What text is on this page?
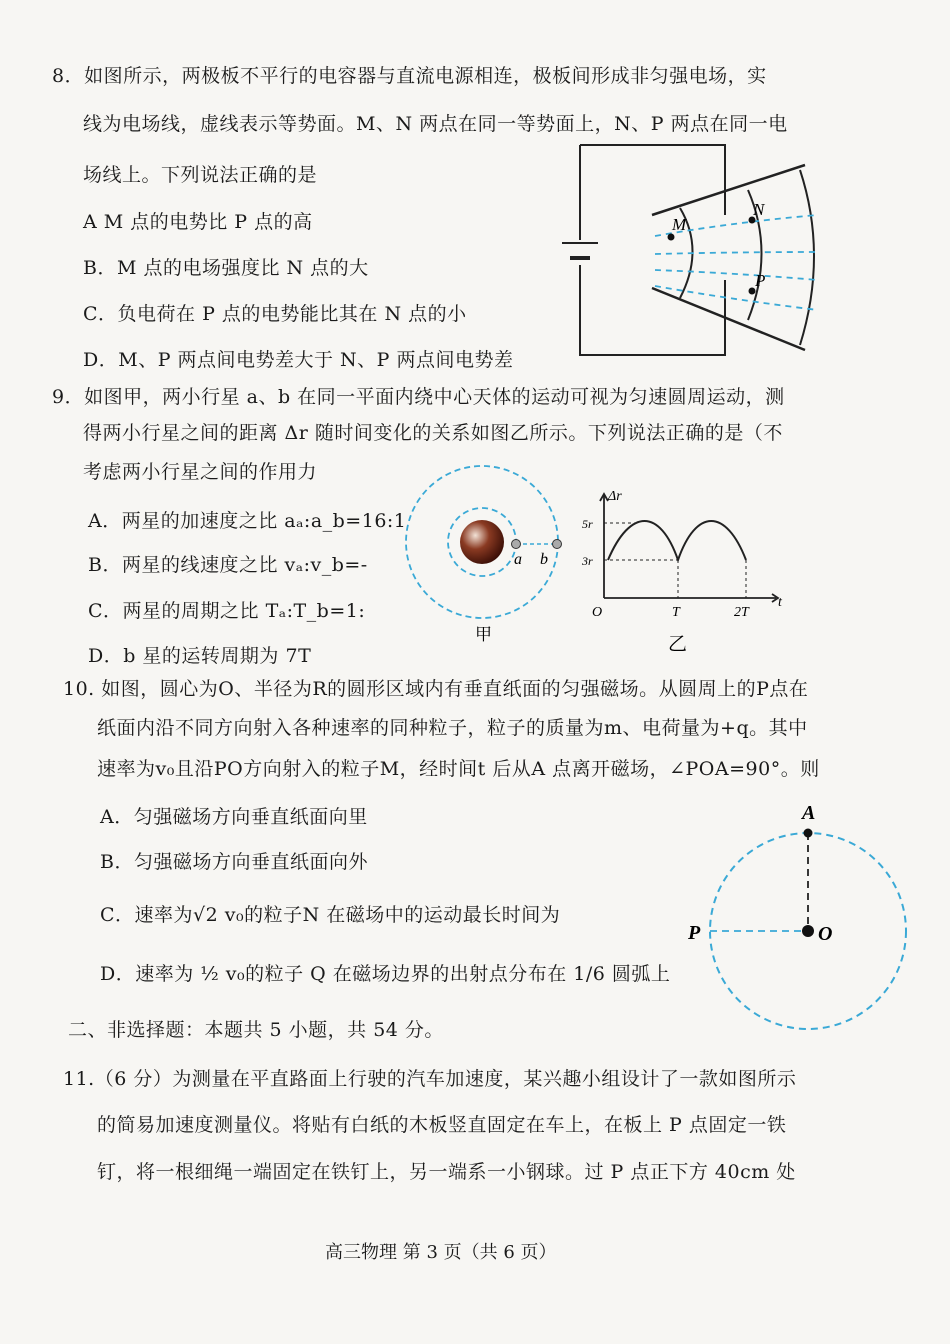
8．如图所示，两极板不平行的电容器与直流电源相连，极板间形成非匀强电场，实
线为电场线，虚线表示等势面。M、N 两点在同一等势面上，N、P 两点在同一电
场线上。下列说法正确的是
A M 点的电势比 P 点的高
B．M 点的电场强度比 N 点的大
C．负电荷在 P 点的电势能比其在 N 点的小
D．M、P 两点间电势差大于 N、P 两点间电势差
M
N
P
9．如图甲，两小行星 a、b 在同一平面内绕中心天体的运动可视为匀速圆周运动，测
得两小行星之间的距离 Δr 随时间变化的关系如图乙所示。下列说法正确的是（不
考虑两小行星之间的作用力
A．两星的加速度之比 aₐ:a_b=16:1
B．两星的线速度之比 vₐ:v_b=-
C．两星的周期之比 Tₐ:T_b=1:
D．b 星的运转周期为 7T
a b
甲
Δr
t
O	T	2T
5r
3r
乙
10. 如图，圆心为O、半径为R的圆形区域内有垂直纸面的匀强磁场。从圆周上的P点在
纸面内沿不同方向射入各种速率的同种粒子，粒子的质量为m、电荷量为+q。其中
速率为v₀且沿PO方向射入的粒子M，经时间t 后从A 点离开磁场，∠POA=90°。则
A．匀强磁场方向垂直纸面向里
B．匀强磁场方向垂直纸面向外
C．速率为√2 v₀的粒子N 在磁场中的运动最长时间为
D．速率为 ½ v₀的粒子 Q 在磁场边界的出射点分布在 1/6 圆弧上
A
P	O
二、非选择题：本题共 5 小题，共 54 分。
11.（6 分）为测量在平直路面上行驶的汽车加速度，某兴趣小组设计了一款如图所示
的简易加速度测量仪。将贴有白纸的木板竖直固定在车上，在板上 P 点固定一铁
钉，将一根细绳一端固定在铁钉上，另一端系一小钢球。过 P 点正下方 40cm 处
高三物理 第 3 页（共 6 页）
